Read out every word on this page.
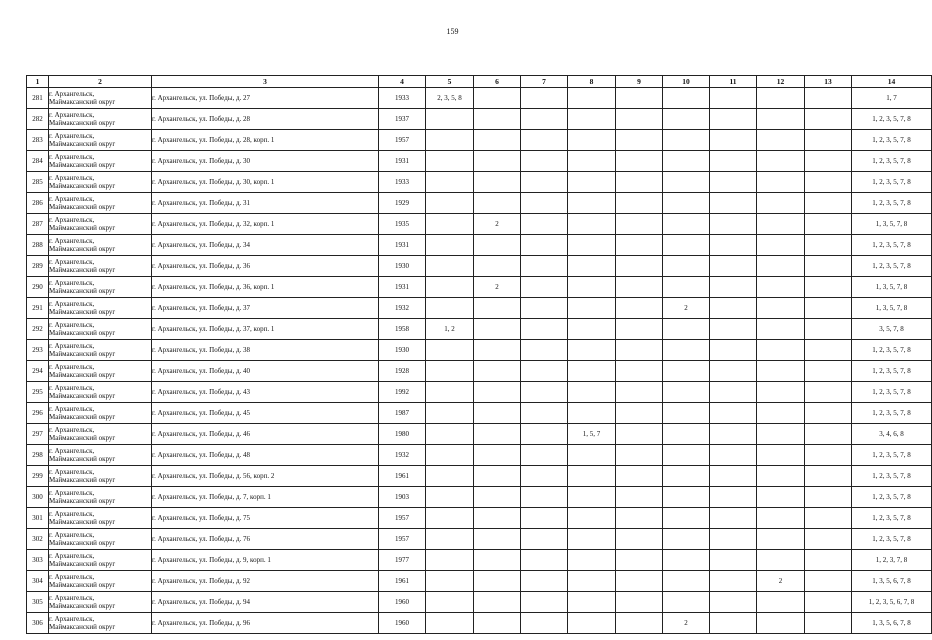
159
1	2	3	4	5	6	7	8	9	10	11	12	13	14
281	г. Архангельск,
Маймаксанский округ	г. Архангельск, ул. Победы, д. 27	1933	2, 3, 5, 8									1, 7
282	г. Архангельск,
Маймаксанский округ	г. Архангельск, ул. Победы, д. 28	1937										1, 2, 3, 5, 7, 8
283	г. Архангельск,
Маймаксанский округ	г. Архангельск, ул. Победы, д. 28, корп. 1	1957										1, 2, 3, 5, 7, 8
284	г. Архангельск,
Маймаксанский округ	г. Архангельск, ул. Победы, д. 30	1931										1, 2, 3, 5, 7, 8
285	г. Архангельск,
Маймаксанский округ	г. Архангельск, ул. Победы, д. 30, корп. 1	1933										1, 2, 3, 5, 7, 8
286	г. Архангельск,
Маймаксанский округ	г. Архангельск, ул. Победы, д. 31	1929										1, 2, 3, 5, 7, 8
287	г. Архангельск,
Маймаксанский округ	г. Архангельск, ул. Победы, д. 32, корп. 1	1935		2								1, 3, 5, 7, 8
288	г. Архангельск,
Маймаксанский округ	г. Архангельск, ул. Победы, д. 34	1931										1, 2, 3, 5, 7, 8
289	г. Архангельск,
Маймаксанский округ	г. Архангельск, ул. Победы, д. 36	1930										1, 2, 3, 5, 7, 8
290	г. Архангельск,
Маймаксанский округ	г. Архангельск, ул. Победы, д. 36, корп. 1	1931		2								1, 3, 5, 7, 8
291	г. Архангельск,
Маймаксанский округ	г. Архангельск, ул. Победы, д. 37	1932						2				1, 3, 5, 7, 8
292	г. Архангельск,
Маймаксанский округ	г. Архангельск, ул. Победы, д. 37, корп. 1	1958	1, 2									3, 5, 7, 8
293	г. Архангельск,
Маймаксанский округ	г. Архангельск, ул. Победы, д. 38	1930										1, 2, 3, 5, 7, 8
294	г. Архангельск,
Маймаксанский округ	г. Архангельск, ул. Победы, д. 40	1928										1, 2, 3, 5, 7, 8
295	г. Архангельск,
Маймаксанский округ	г. Архангельск, ул. Победы, д. 43	1992										1, 2, 3, 5, 7, 8
296	г. Архангельск,
Маймаксанский округ	г. Архангельск, ул. Победы, д. 45	1987										1, 2, 3, 5, 7, 8
297	г. Архангельск,
Маймаксанский округ	г. Архангельск, ул. Победы, д. 46	1980				1, 5, 7						3, 4, 6, 8
298	г. Архангельск,
Маймаксанский округ	г. Архангельск, ул. Победы, д. 48	1932										1, 2, 3, 5, 7, 8
299	г. Архангельск,
Маймаксанский округ	г. Архангельск, ул. Победы, д. 56, корп. 2	1961										1, 2, 3, 5, 7, 8
300	г. Архангельск,
Маймаксанский округ	г. Архангельск, ул. Победы, д. 7, корп. 1	1903										1, 2, 3, 5, 7, 8
301	г. Архангельск,
Маймаксанский округ	г. Архангельск, ул. Победы, д. 75	1957										1, 2, 3, 5, 7, 8
302	г. Архангельск,
Маймаксанский округ	г. Архангельск, ул. Победы, д. 76	1957										1, 2, 3, 5, 7, 8
303	г. Архангельск,
Маймаксанский округ	г. Архангельск, ул. Победы, д. 9, корп. 1	1977										1, 2, 3, 7, 8
304	г. Архангельск,
Маймаксанский округ	г. Архангельск, ул. Победы, д. 92	1961								2		1, 3, 5, 6, 7, 8
305	г. Архангельск,
Маймаксанский округ	г. Архангельск, ул. Победы, д. 94	1960										1, 2, 3, 5, 6, 7, 8
306	г. Архангельск,
Маймаксанский округ	г. Архангельск, ул. Победы, д. 96	1960						2				1, 3, 5, 6, 7, 8
